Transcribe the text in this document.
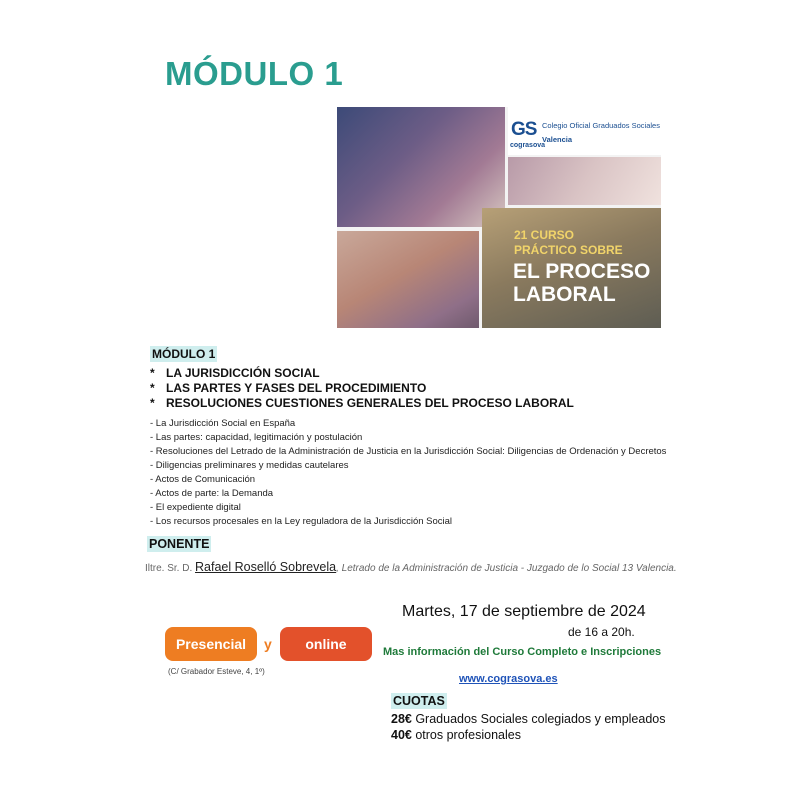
MÓDULO 1
GS
cograsova
Colegio Oficial Graduados Sociales
Valencia
21 CURSO
PRÁCTICO SOBRE
EL PROCESO
LABORAL
MÓDULO 1
* LA JURISDICCIÓN SOCIAL
* LAS PARTES Y FASES DEL PROCEDIMIENTO
* RESOLUCIONES CUESTIONES GENERALES DEL PROCESO LABORAL
- La Jurisdicción Social en España
- Las partes: capacidad, legitimación y postulación
- Resoluciones del Letrado de la Administración de Justicia en la Jurisdicción Social: Diligencias de Ordenación y Decretos
- Diligencias preliminares y medidas cautelares
- Actos de Comunicación
- Actos de parte: la Demanda
- El expediente digital
- Los recursos procesales en la Ley reguladora de la Jurisdicción Social
PONENTE
Iltre. Sr. D. Rafael Roselló Sobrevela, Letrado de la Administración de Justicia - Juzgado de lo Social 13 Valencia.
Presencial	y	online
(C/ Grabador Esteve, 4, 1º)
Martes, 17 de septiembre de 2024
de 16 a 20h.
Mas información del Curso Completo e Inscripciones
www.cograsova.es
CUOTAS
28€ Graduados Sociales colegiados y empleados
40€ otros profesionales
